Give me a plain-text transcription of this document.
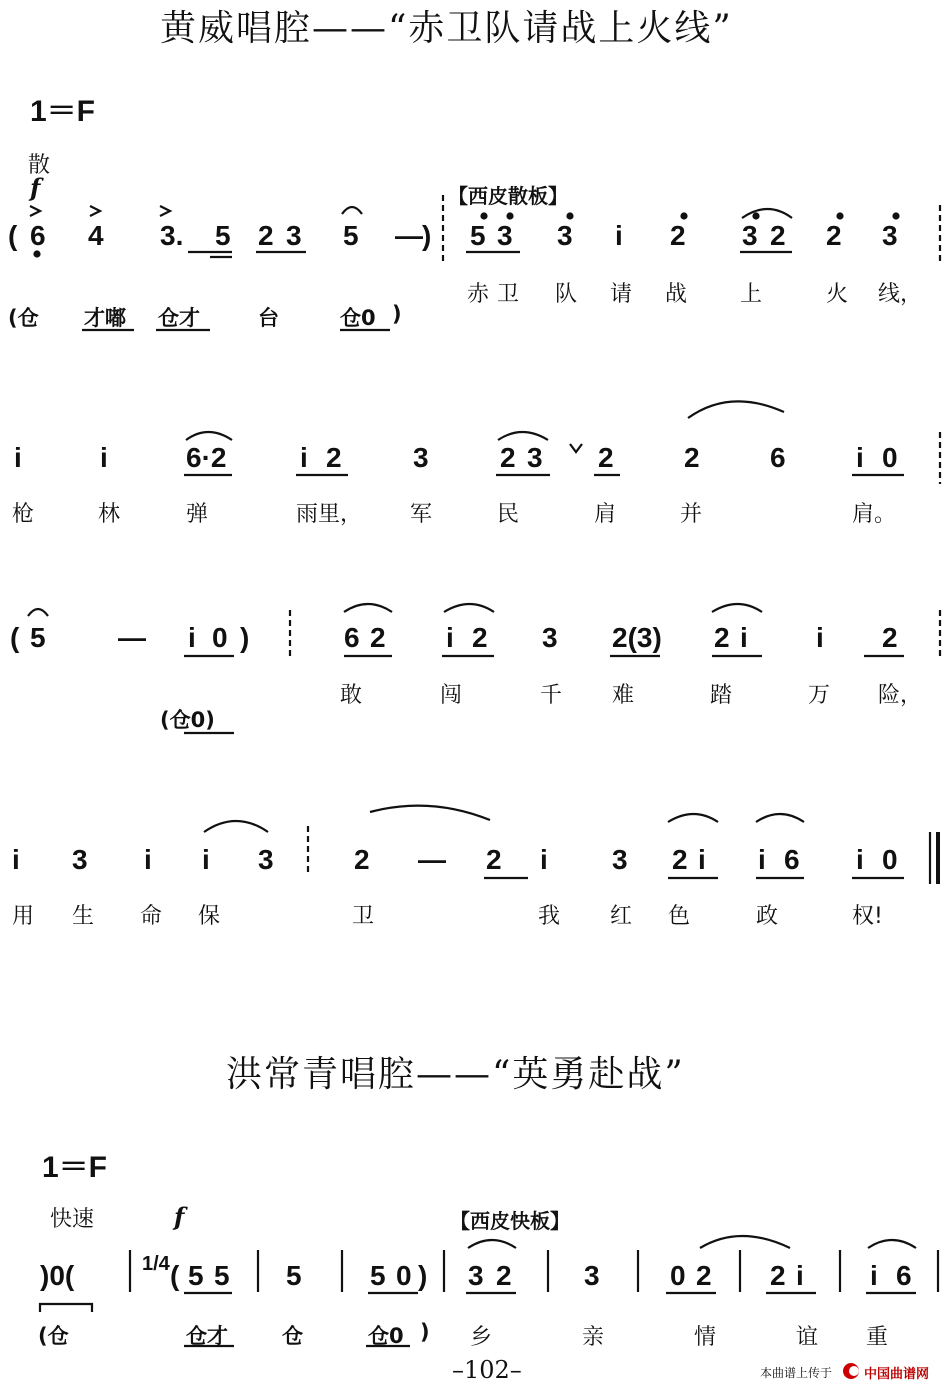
黄威唱腔——“赤卫队请战上火线”
1＝F
散
f	【西皮散板】
( 6 4 3. 5 2 3 5 — ) 5 3 3 i 2 3 2 2 3
赤 卫 队 请 战 上	火 线，
(仓 才嘟 仓才	台	仓0 )
i	i	6·2	i 2	3	2 3 2	2	6	i 0
枪	林	弹	雨里， 军	民	肩	并	肩。
( 5	— i 0 )	6 2 i 2 3 2(3) 2 i i 2
敢	闯	千 难	踏	万 险，
(仓0)
i 3 i i 3	2 — 2 i 3 2 i i 6 i 0
用 生 命 保	卫	我 红 色	政	权!
洪常青唱腔——“英勇赴战”
1＝F
快速	f	【西皮快板】
)0(	1/4 ( 5 5 5 5 0 ) 3 2	3	0 2 2 i i 6
(仓	仓才	仓	仓0 ) 乡	亲	情	谊 重
–102–	本曲谱上传于 中国曲谱网
